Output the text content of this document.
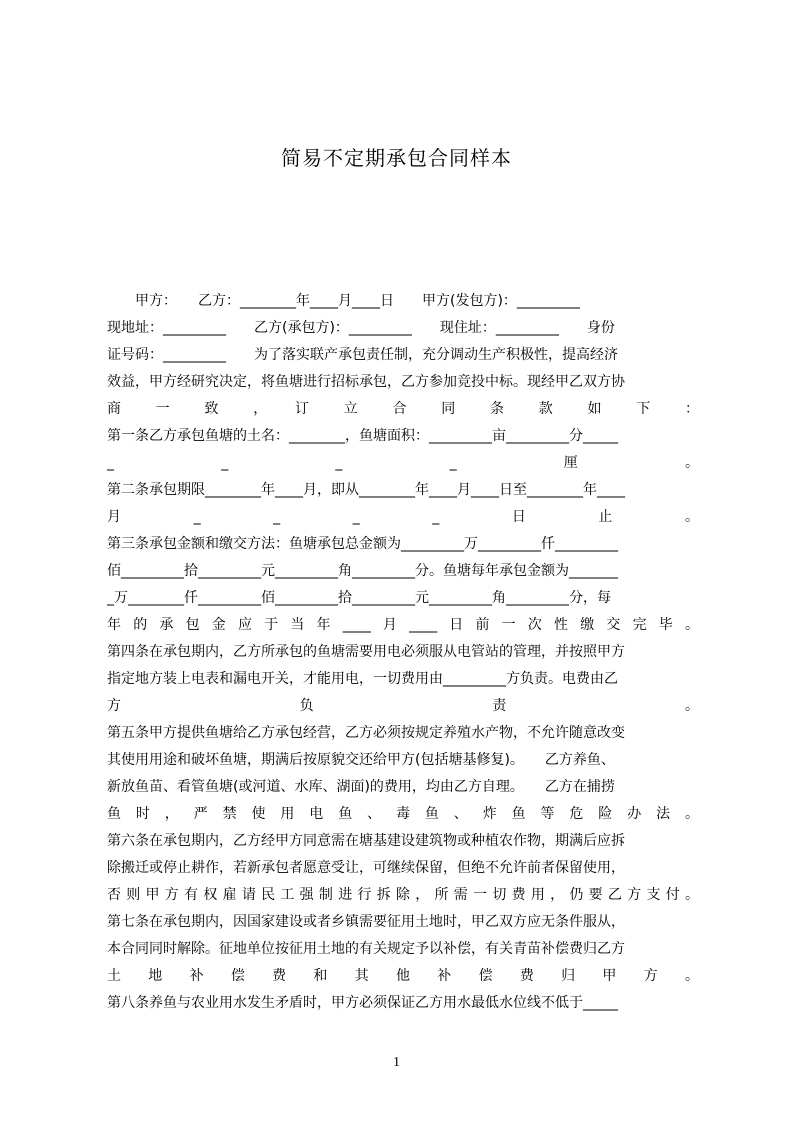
简易不定期承包合同样本
　　甲方：　　乙方：________年____月____日　　甲方(发包方)：_________
现地址：_________　　乙方(承包方)：_________　　现住址：_________　　身份
证号码：_________　　为了落实联产承包责任制，充分调动生产积极性，提高经济
效益，甲方经研究决定，将鱼塘进行招标承包，乙方参加竞投中标。现经甲乙双方协
商　一　致　，　订　立　合　同　条　款　如　下　：
第一条乙方承包鱼塘的土名：________，鱼塘面积：_________亩_________分_____
_　　_　　_　　_　　厘　　。
第二条承包期限________年____月，即从________年____月____日至________年____
月　　_　　_　　_　　_　　日　　止　　。
第三条承包金额和缴交方法：鱼塘承包总金额为_________万_________仟_________
佰_________拾_________元_________角_________分。鱼塘每年承包金额为_______
_万________仟_________佰_________拾_________元_________角_________分，每
年的承包金应于当年____月____日前一次性缴交完毕。
第四条在承包期内，乙方所承包的鱼塘需要用电必须服从电管站的管理，并按照甲方
指定地方装上电表和漏电开关，才能用电，一切费用由_________方负责。电费由乙
方　　负　　责　　。
第五条甲方提供鱼塘给乙方承包经营，乙方必须按规定养殖水产物，不允许随意改变
其使用用途和破坏鱼塘，期满后按原貌交还给甲方(包括塘基修复)。　　乙方养鱼、
新放鱼苗、看管鱼塘(或河道、水库、湖面)的费用，均由乙方自理。　　乙方在捕捞
鱼时，严禁使用电鱼、毒鱼、炸鱼等危险办法。
第六条在承包期内，乙方经甲方同意需在塘基建设建筑物或种植农作物，期满后应拆
除搬迁或停止耕作，若新承包者愿意受让，可继续保留，但绝不允许前者保留使用，
否则甲方有权雇请民工强制进行拆除，所需一切费用，仍要乙方支付。
第七条在承包期内，因国家建设或者乡镇需要征用土地时，甲乙双方应无条件服从，
本合同同时解除。征地单位按征用土地的有关规定予以补偿，有关青苗补偿费归乙方
土　地　补　偿　费　和　其　他　补　偿　费　归　甲　方　。
第八条养鱼与农业用水发生矛盾时，甲方必须保证乙方用水最低水位线不低于_____
1
